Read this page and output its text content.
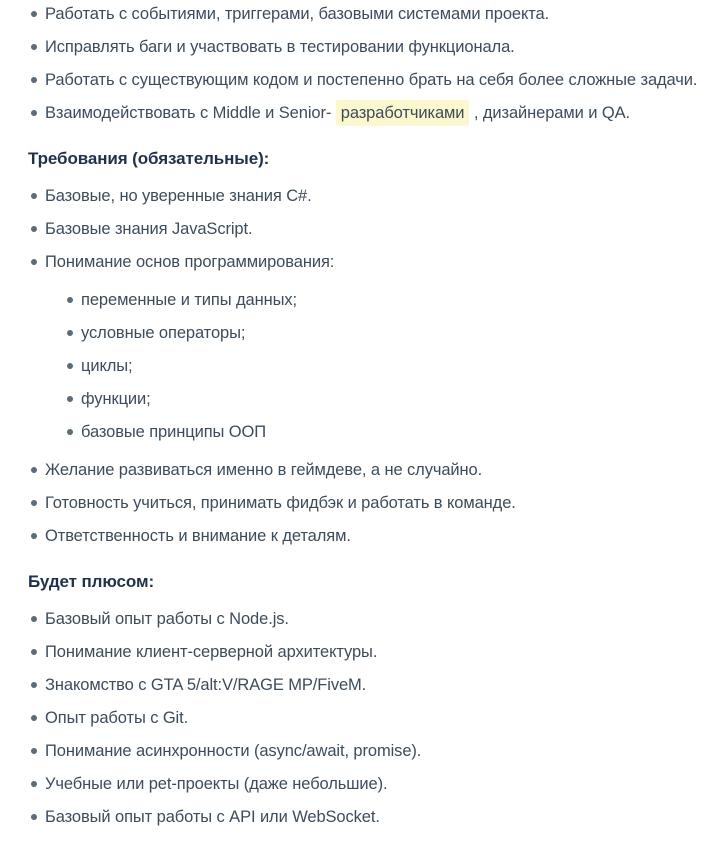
Работать с событиями, триггерами, базовыми системами проекта.
Исправлять баги и участвовать в тестировании функционала.
Работать с существующим кодом и постепенно брать на себя более сложные задачи.
Взаимодействовать с Middle и Senior- разработчиками , дизайнерами и QA.
Требования (обязательные):
Базовые, но уверенные знания C#.
Базовые знания JavaScript.
Понимание основ программирования:
переменные и типы данных;
условные операторы;
циклы;
функции;
базовые принципы ООП
Желание развиваться именно в геймдеве, а не случайно.
Готовность учиться, принимать фидбэк и работать в команде.
Ответственность и внимание к деталям.
Будет плюсом:
Базовый опыт работы с Node.js.
Понимание клиент-серверной архитектуры.
Знакомство с GTA 5/alt:V/RAGE MP/FiveM.
Опыт работы с Git.
Понимание асинхронности (async/await, promise).
Учебные или pet-проекты (даже небольшие).
Базовый опыт работы с API или WebSocket.
